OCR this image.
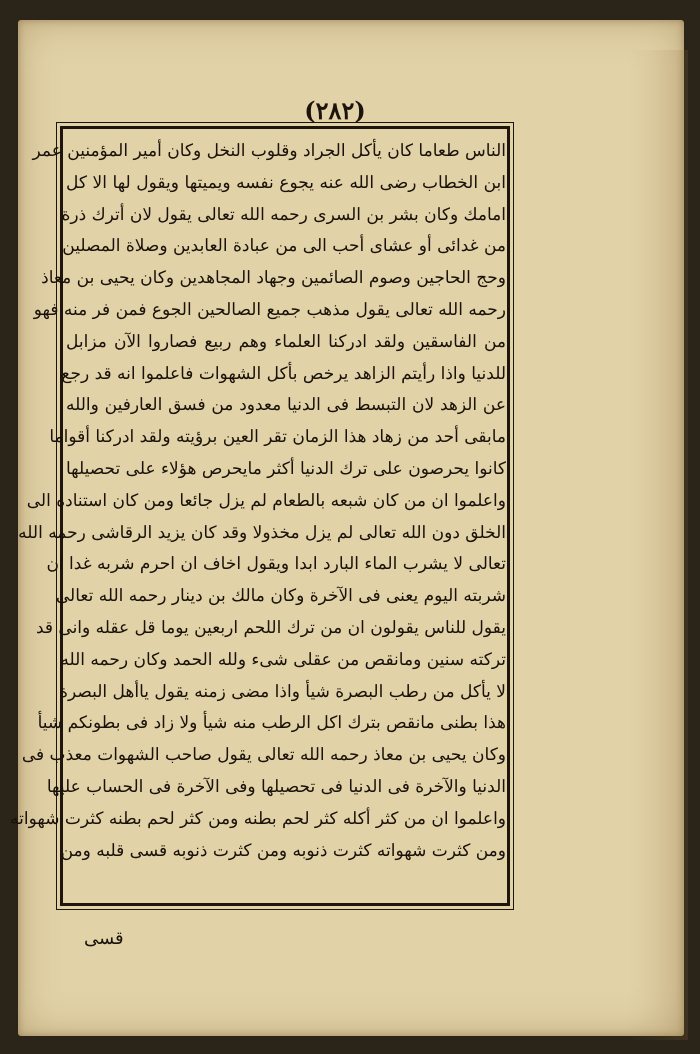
(٢٨٢)
الناس طعاما كان يأكل الجراد وقلوب النخل وكان أمير المؤمنين عمر
ابن الخطاب رضى الله عنه يجوع نفسه ويميتها ويقول لها الا كل
امامك وكان بشر بن السرى رحمه الله تعالى يقول لان أترك ذرة
من غدائى أو عشاى أحب الى من عبادة العابدين وصلاة المصلين
وحج الحاجين وصوم الصائمين وجهاد المجاهدين وكان يحيى بن معاذ
رحمه الله تعالى يقول مذهب جميع الصالحين الجوع فمن فر منه فهو
من الفاسقين ولقد ادركنا العلماء وهم ربيع فصاروا الآن مزابل
للدنيا واذا رأيتم الزاهد يرخص بأكل الشهوات فاعلموا انه قد رجع
عن الزهد لان التبسط فى الدنيا معدود من فسق العارفين والله
مابقى أحد من زهاد هذا الزمان تقر العين برؤيته ولقد ادركنا أقواما
كانوا يحرصون على ترك الدنيا أكثر مايحرص هؤلاء على تحصيلها
واعلموا ان من كان شبعه بالطعام لم يزل جائعا ومن كان استناده الى
الخلق دون الله تعالى لم يزل مخذولا وقد كان يزيد الرقاشى رحمه الله
تعالى لا يشرب الماء البارد ابدا ويقول اخاف ان احرم شربه غدا ان
شربته اليوم يعنى فى الآخرة وكان مالك بن دينار رحمه الله تعالى
يقول للناس يقولون ان من ترك اللحم اربعين يوما قل عقله وانى قد
تركته سنين ومانقص من عقلى شىء ولله الحمد وكان رحمه الله
لا يأكل من رطب البصرة شيأ واذا مضى زمنه يقول ياأهل البصرة
هذا بطنى مانقص بترك اكل الرطب منه شيأ ولا زاد فى بطونكم شيأ
وكان يحيى بن معاذ رحمه الله تعالى يقول صاحب الشهوات معذب فى
الدنيا والآخرة فى الدنيا فى تحصيلها وفى الآخرة فى الحساب عليها
واعلموا ان من كثر أكله كثر لحم بطنه ومن كثر لحم بطنه كثرت شهواته
ومن كثرت شهواته كثرت ذنوبه ومن كثرت ذنوبه قسى قلبه ومن
قسى
